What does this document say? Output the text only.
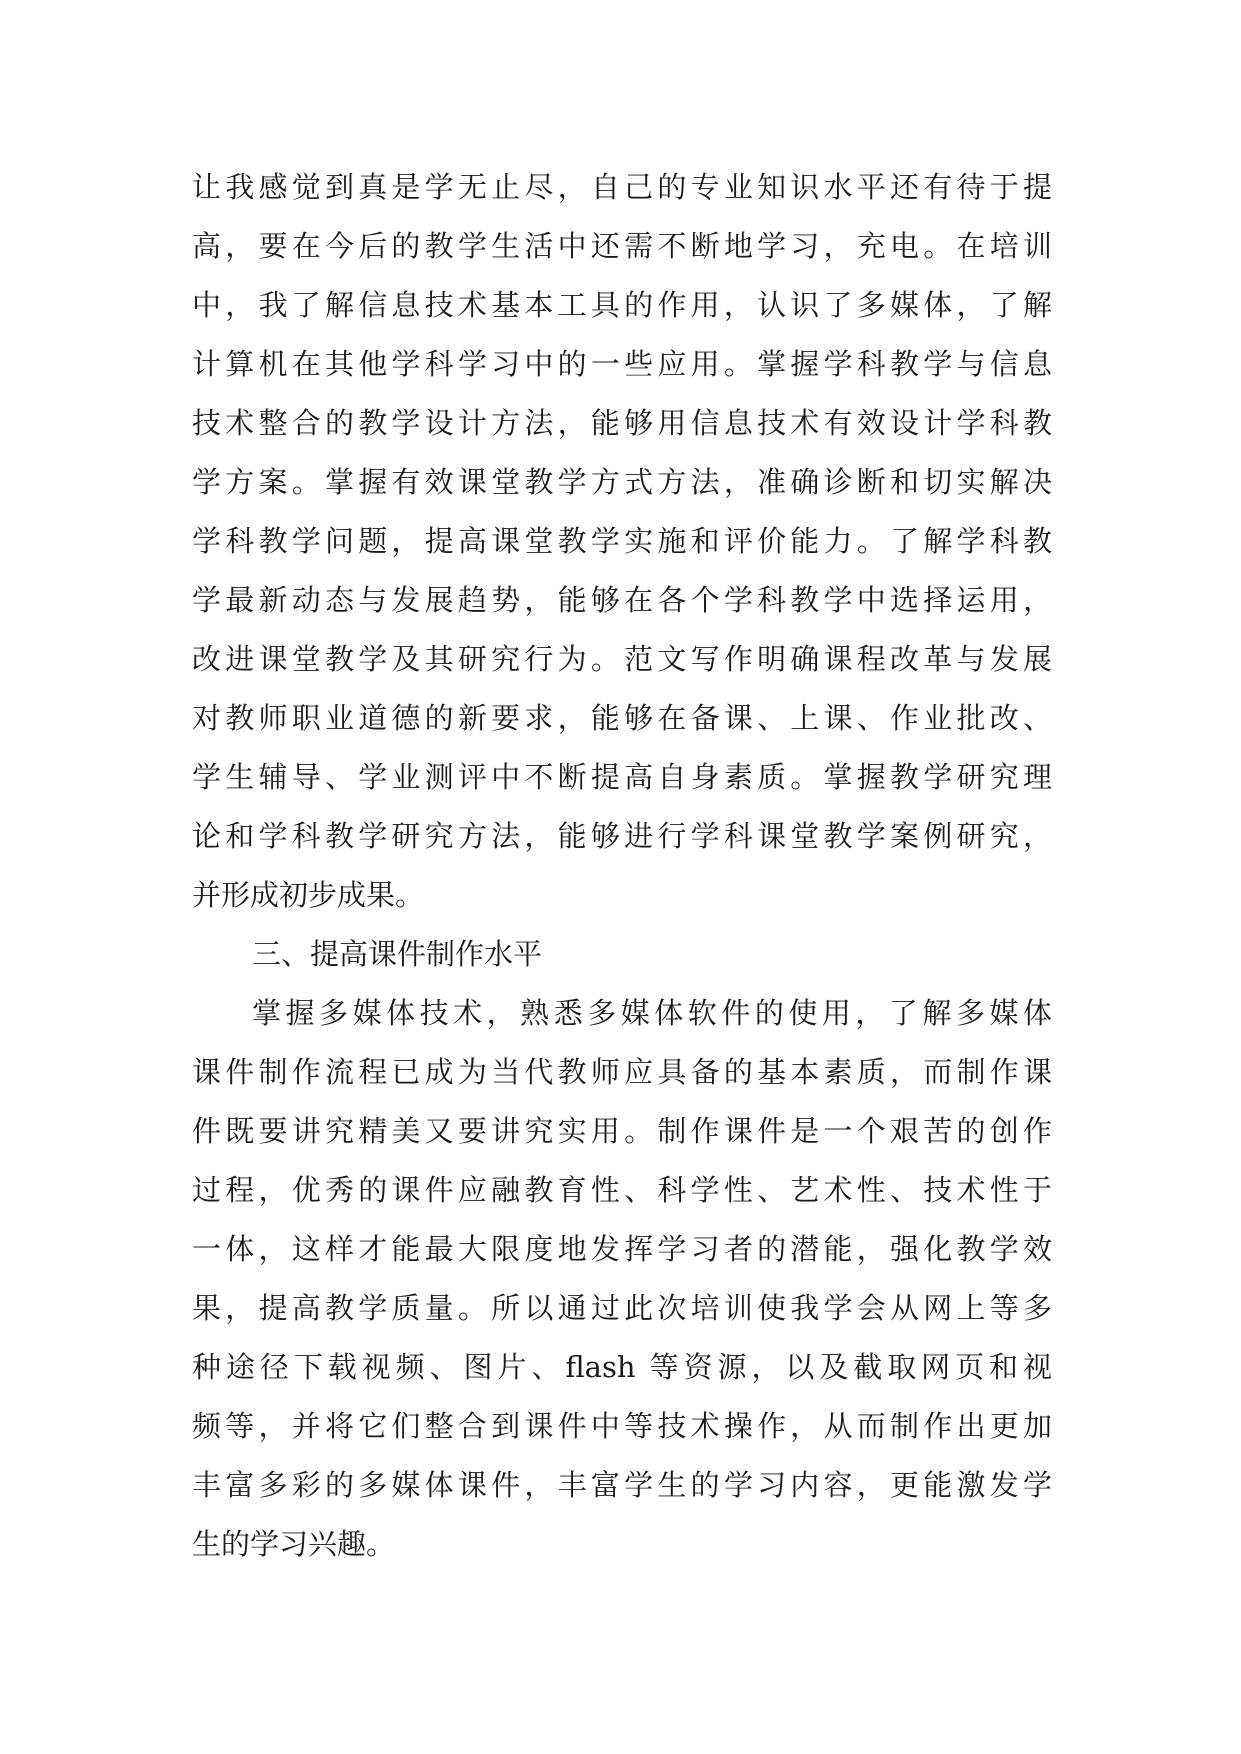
让我感觉到真是学无止尽，自己的专业知识水平还有待于提
高，要在今后的教学生活中还需不断地学习，充电。在培训
中，我了解信息技术基本工具的作用，认识了多媒体，了解
计算机在其他学科学习中的一些应用。掌握学科教学与信息
技术整合的教学设计方法，能够用信息技术有效设计学科教
学方案。掌握有效课堂教学方式方法，准确诊断和切实解决
学科教学问题，提高课堂教学实施和评价能力。了解学科教
学最新动态与发展趋势，能够在各个学科教学中选择运用，
改进课堂教学及其研究行为。范文写作明确课程改革与发展
对教师职业道德的新要求，能够在备课、上课、作业批改、
学生辅导、学业测评中不断提高自身素质。掌握教学研究理
论和学科教学研究方法，能够进行学科课堂教学案例研究，
并形成初步成果。
三、提高课件制作水平
掌握多媒体技术，熟悉多媒体软件的使用，了解多媒体
课件制作流程已成为当代教师应具备的基本素质，而制作课
件既要讲究精美又要讲究实用。制作课件是一个艰苦的创作
过程，优秀的课件应融教育性、科学性、艺术性、技术性于
一体，这样才能最大限度地发挥学习者的潜能，强化教学效
果，提高教学质量。所以通过此次培训使我学会从网上等多
种途径下载视频、图片、flash 等资源，以及截取网页和视
频等，并将它们整合到课件中等技术操作，从而制作出更加
丰富多彩的多媒体课件，丰富学生的学习内容，更能激发学
生的学习兴趣。
